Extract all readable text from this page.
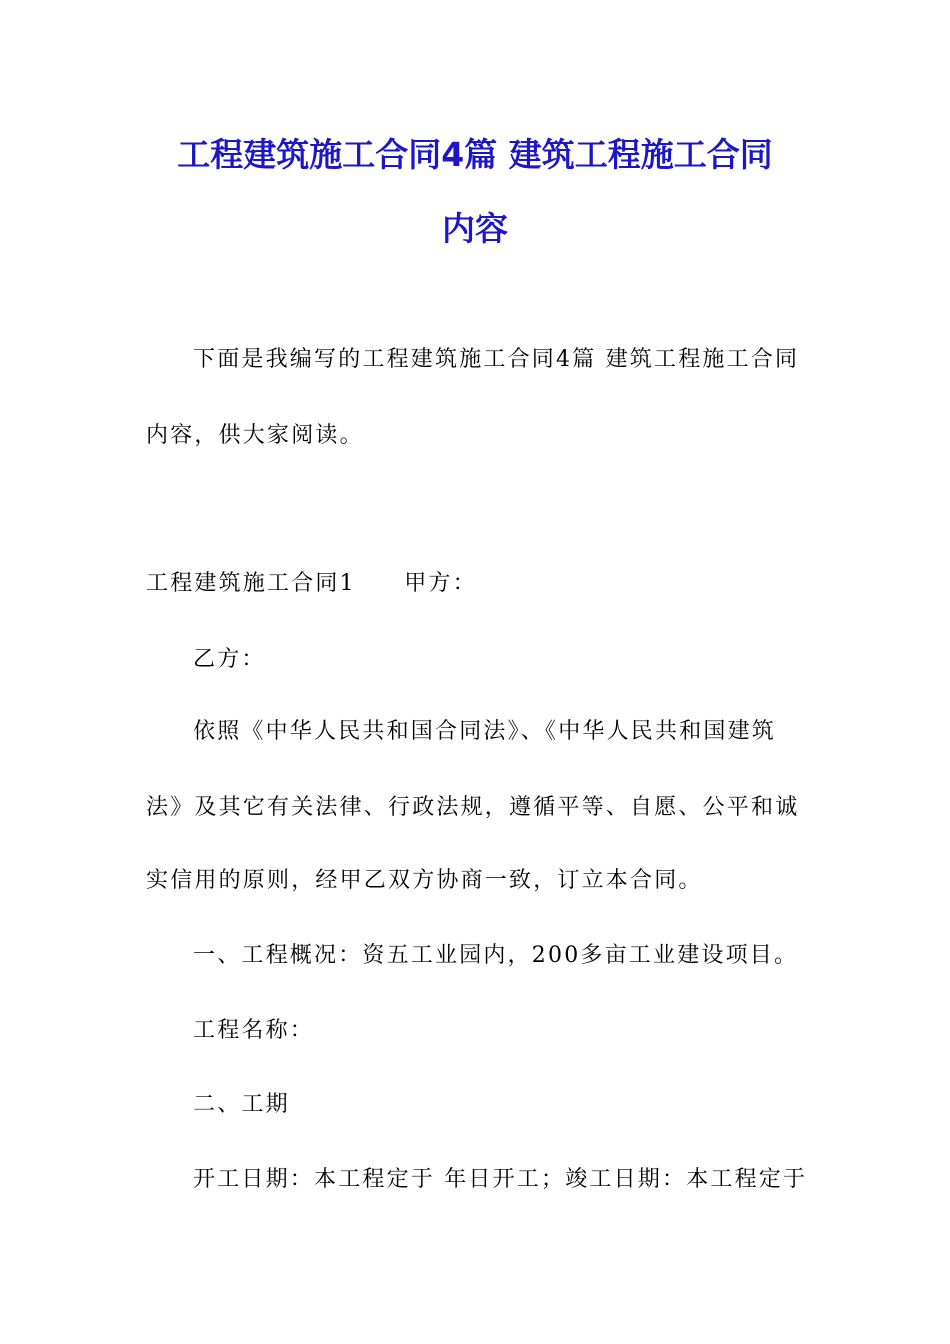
工程建筑施工合同4篇 建筑工程施工合同
内容
下面是我编写的工程建筑施工合同4篇 建筑工程施工合同
内容，供大家阅读。
工程建筑施工合同1　　甲方：
乙方：
依照《中华人民共和国合同法》、《中华人民共和国建筑
法》及其它有关法律、行政法规，遵循平等、自愿、公平和诚
实信用的原则，经甲乙双方协商一致，订立本合同。
一、工程概况：资五工业园内，200多亩工业建设项目。
工程名称：
二、工期
开工日期：本工程定于 年日开工；竣工日期：本工程定于
